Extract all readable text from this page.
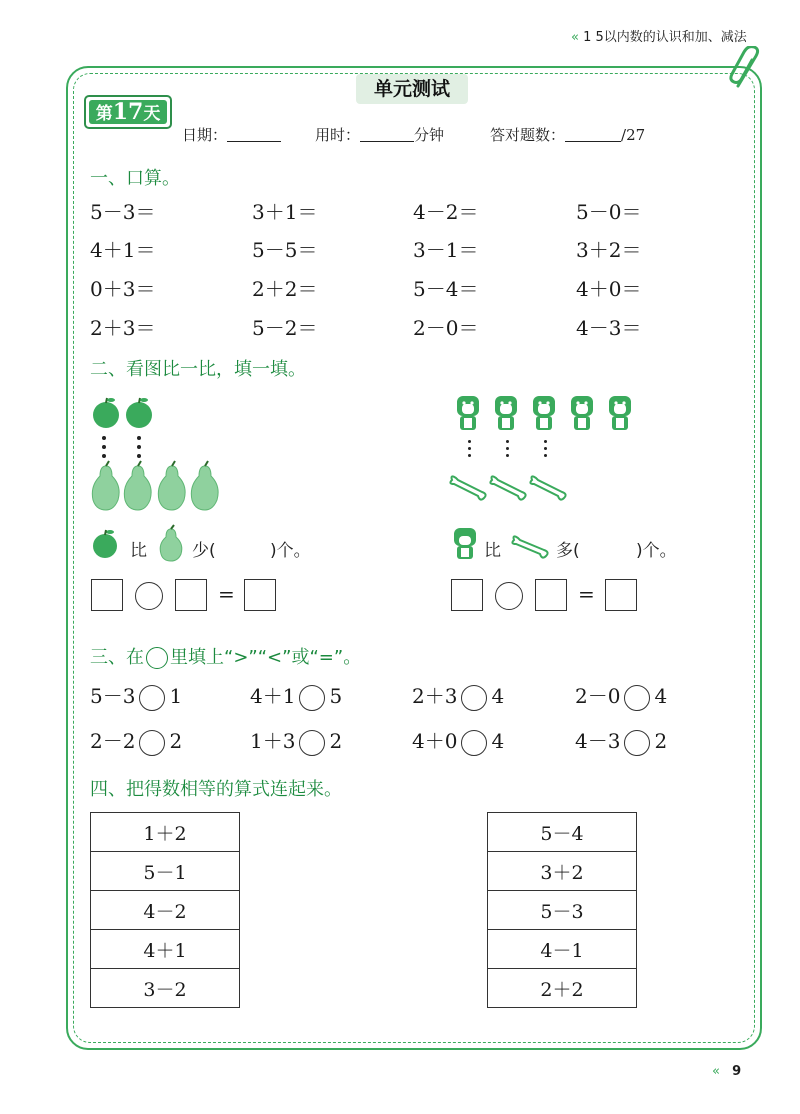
« 1 5以内数的认识和加、减法
单元测试
第17天
日期：	用时：	分钟	答对题数：	/27
一、口算。
5－3＝	3＋1＝	4－2＝	5－0＝
4＋1＝	5－5＝	3－1＝	3＋2＝
0＋3＝	2＋2＝	5－4＝	4＋0＝
2＋3＝	5－2＝	2－0＝	4－3＝
二、看图比一比，填一填。
比	少(	)个。	比	多(	)个。
=	=
三、在 里填上“>”“<”或“=”。
5－3 1	4＋1 5	2＋3 4	2－0 4
2－2 2	1＋3 2	4＋0 4	4－3 2
四、把得数相等的算式连起来。
1＋2
5－1
4－2
4＋1
3－2
5－4
3＋2
5－3
4－1
2＋2
« 9
